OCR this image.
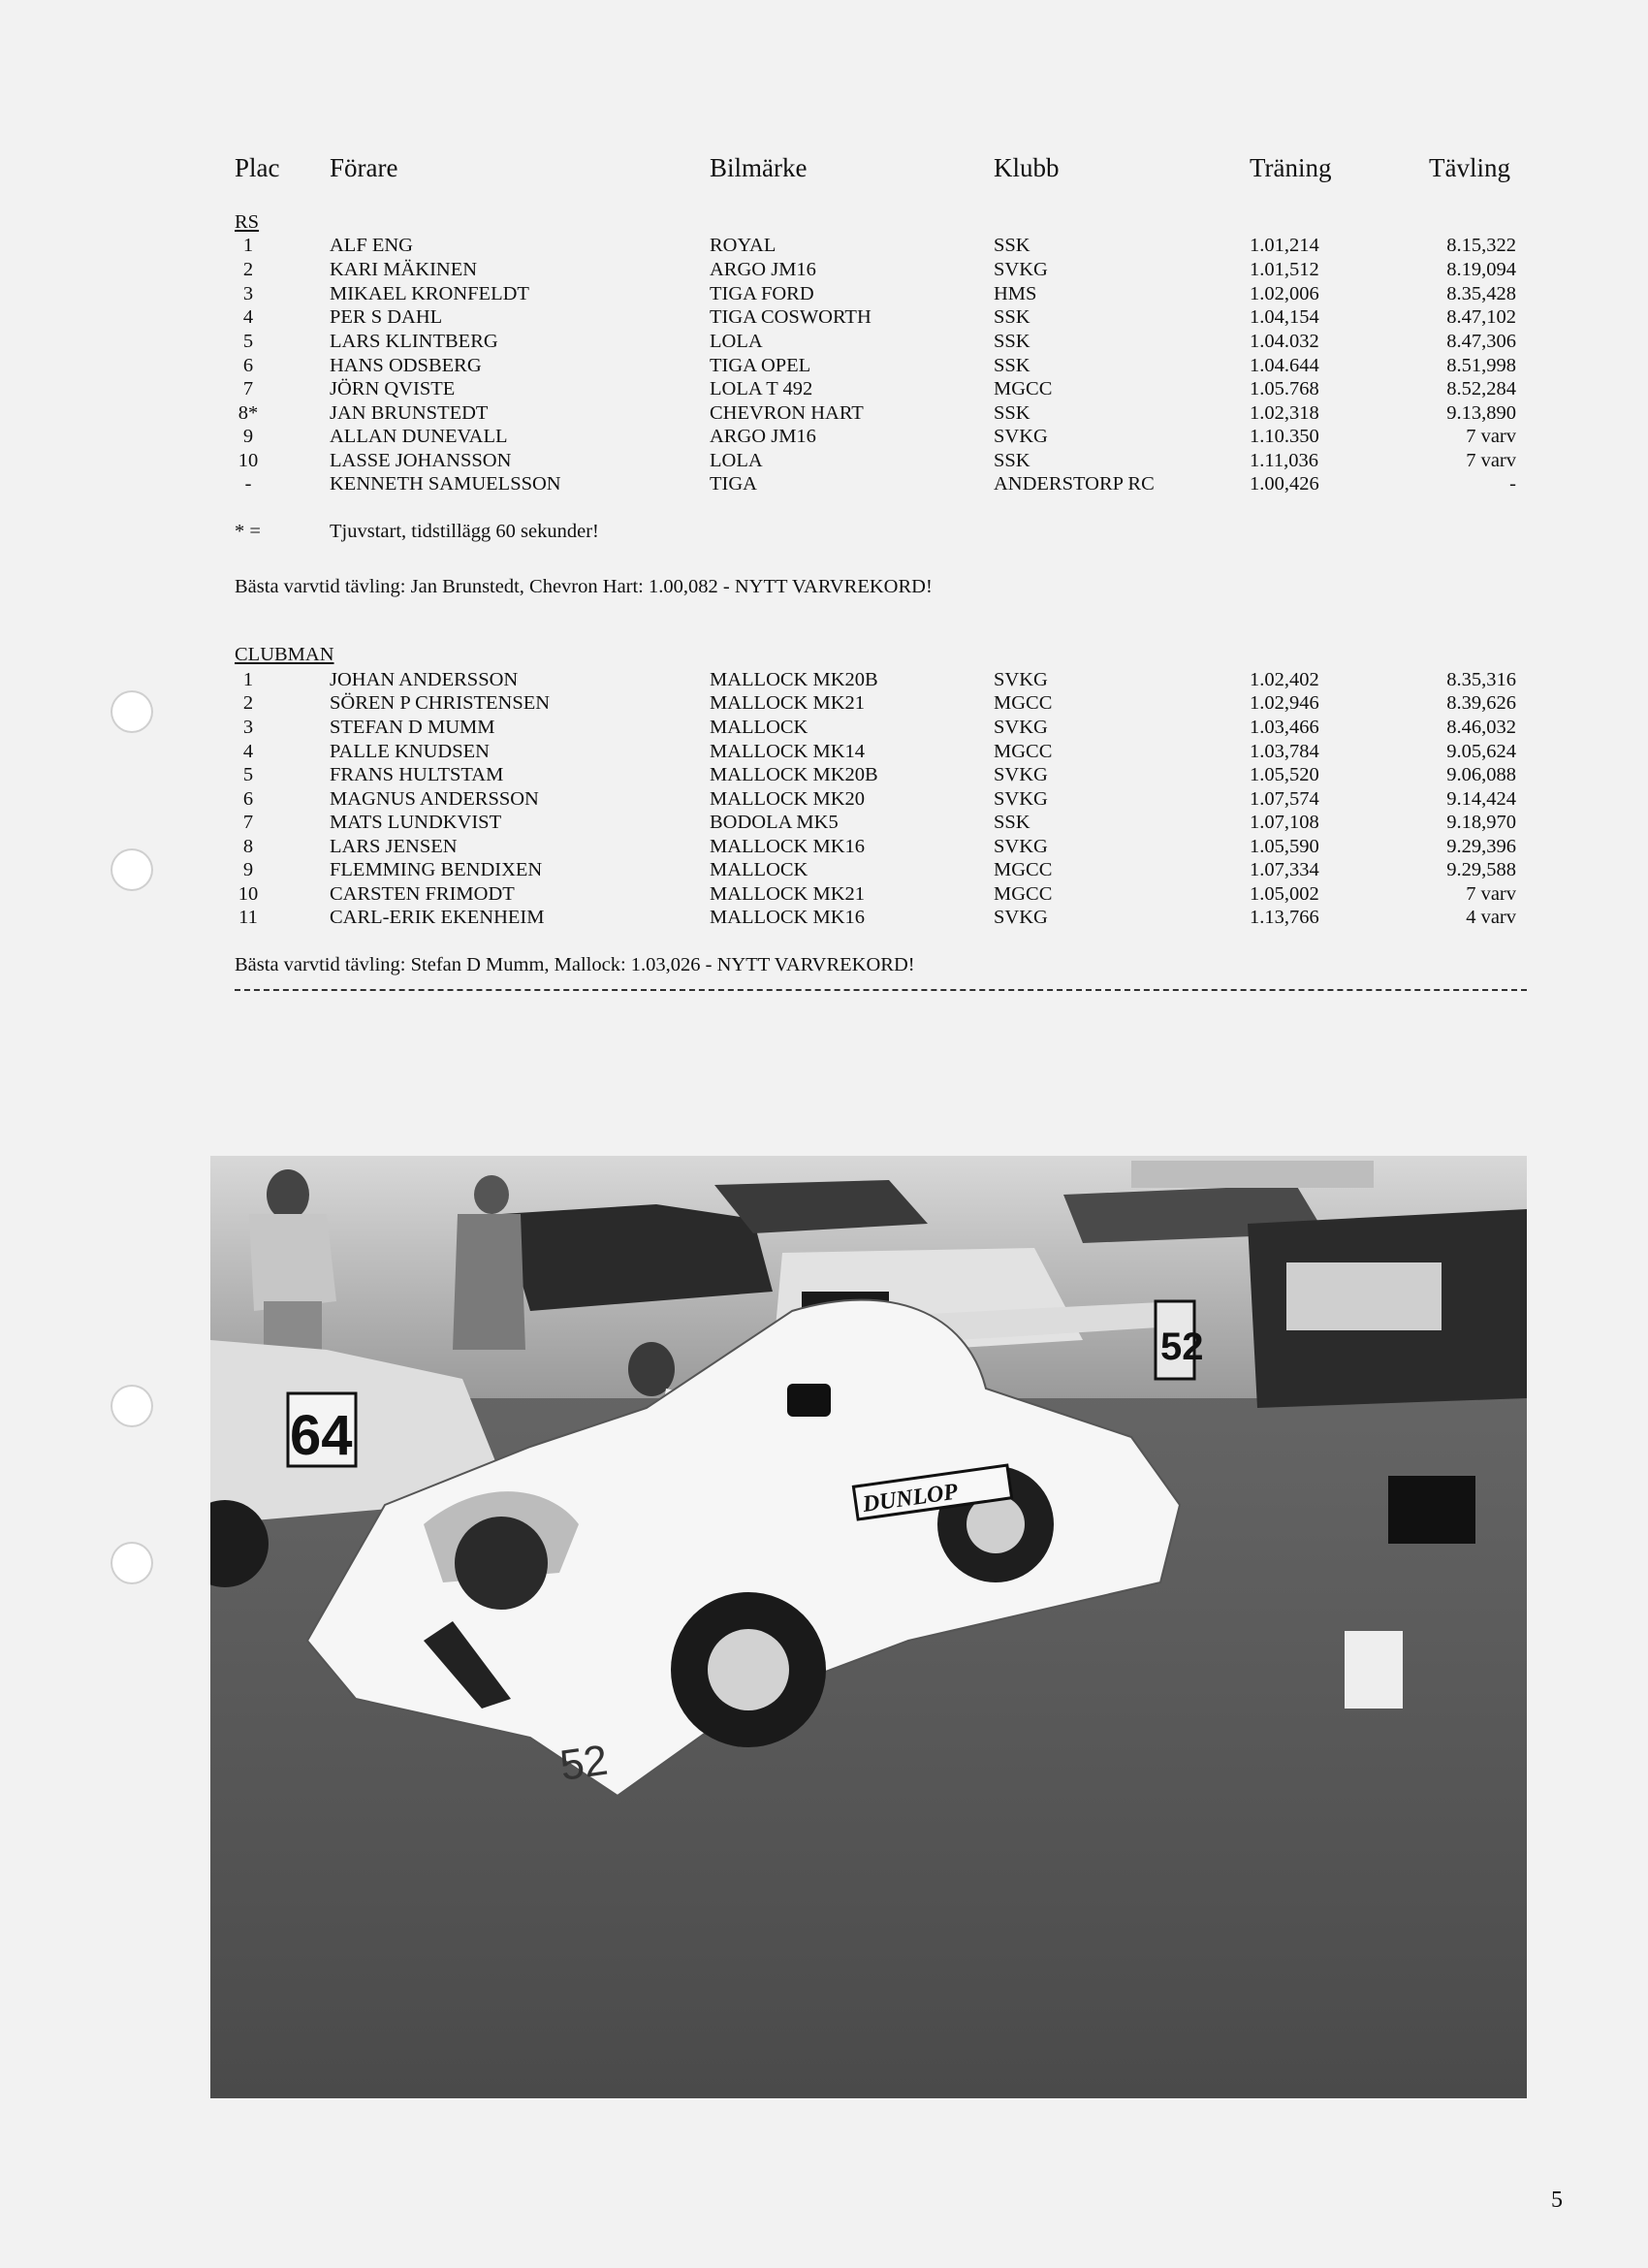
Plac Förare	Bilmärke	Klubb	Träning	Tävling
RS
1	ALF ENG	ROYAL	SSK	1.01,214	8.15,322
2	KARI MÄKINEN	ARGO JM16	SVKG	1.01,512	8.19,094
3	MIKAEL KRONFELDT	TIGA FORD	HMS	1.02,006	8.35,428
4	PER S DAHL	TIGA COSWORTH	SSK	1.04,154	8.47,102
5	LARS KLINTBERG	LOLA	SSK	1.04.032	8.47,306
6	HANS ODSBERG	TIGA OPEL	SSK	1.04.644	8.51,998
7	JÖRN QVISTE	LOLA T 492	MGCC	1.05.768	8.52,284
8*	JAN BRUNSTEDT	CHEVRON HART	SSK	1.02,318	9.13,890
9	ALLAN DUNEVALL	ARGO JM16	SVKG	1.10.350	7 varv
10	LASSE JOHANSSON	LOLA	SSK	1.11,036	7 varv
-	KENNETH SAMUELSSON	TIGA	ANDERSTORP RC	1.00,426	-
* =	Tjuvstart, tidstillägg 60 sekunder!
Bästa varvtid tävling: Jan Brunstedt, Chevron Hart: 1.00,082 - NYTT VARVREKORD!
CLUBMAN
1	JOHAN ANDERSSON	MALLOCK MK20B	SVKG	1.02,402	8.35,316
2	SÖREN P CHRISTENSEN	MALLOCK MK21	MGCC	1.02,946	8.39,626
3	STEFAN D MUMM	MALLOCK	SVKG	1.03,466	8.46,032
4	PALLE KNUDSEN	MALLOCK MK14	MGCC	1.03,784	9.05,624
5	FRANS HULTSTAM	MALLOCK MK20B	SVKG	1.05,520	9.06,088
6	MAGNUS ANDERSSON	MALLOCK MK20	SVKG	1.07,574	9.14,424
7	MATS LUNDKVIST	BODOLA MK5	SSK	1.07,108	9.18,970
8	LARS JENSEN	MALLOCK MK16	SVKG	1.05,590	9.29,396
9	FLEMMING BENDIXEN	MALLOCK	MGCC	1.07,334	9.29,588
10	CARSTEN FRIMODT	MALLOCK MK21	MGCC	1.05,002	7 varv
11	CARL-ERIK EKENHEIM	MALLOCK MK16	SVKG	1.13,766	4 varv
Bästa varvtid tävling: Stefan D Mumm, Mallock: 1.03,026 - NYTT VARVREKORD!
52
64
DUNLOP
52
5
